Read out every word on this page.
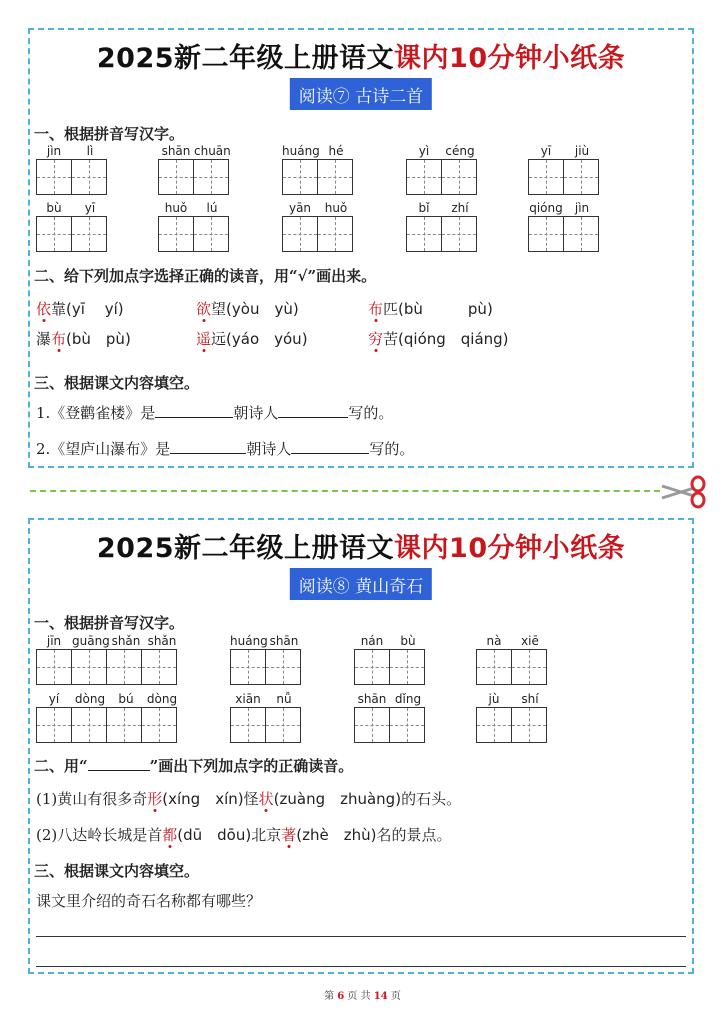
2025新二年级上册语文课内10分钟小纸条
阅读⑦ 古诗二首
一、根据拼音写汉字。
jìn	lì	shān chuān	huáng hé	yì	céng	yī	jiù
bù	yī	huǒ	lú	yān	huǒ	bǐ	zhí	qióng	jìn
二、给下列加点字选择正确的读音，用“√”画出来。
依靠(yī　 yí)	欲望(yòu　yù)	布匹(bù　　　pù)
瀑布(bù　pù)	遥远(yáo　yóu)	穷苦(qióng　qiáng)
三、根据课文内容填空。
1.《登鹳雀楼》是	朝诗人	写的。
2.《望庐山瀑布》是	朝诗人	写的。
2025新二年级上册语文课内10分钟小纸条
阅读⑧ 黄山奇石
一、根据拼音写汉字。
jīn guāng shǎn shǎn	huáng shān	nán	bù	nà	xiē
yí	dòng	bú	dòng	xiān	nǚ	shān dǐng	jù	shí
二、用“	”画出下列加点字的正确读音。
(1)黄山有很多奇形(xíng　xín)怪状(zuàng　zhuàng)的石头。
(2)八达岭长城是首都(dū　dōu)北京著(zhè　zhù)名的景点。
三、根据课文内容填空。
课文里介绍的奇石名称都有哪些？
第 6 页 共 14 页
